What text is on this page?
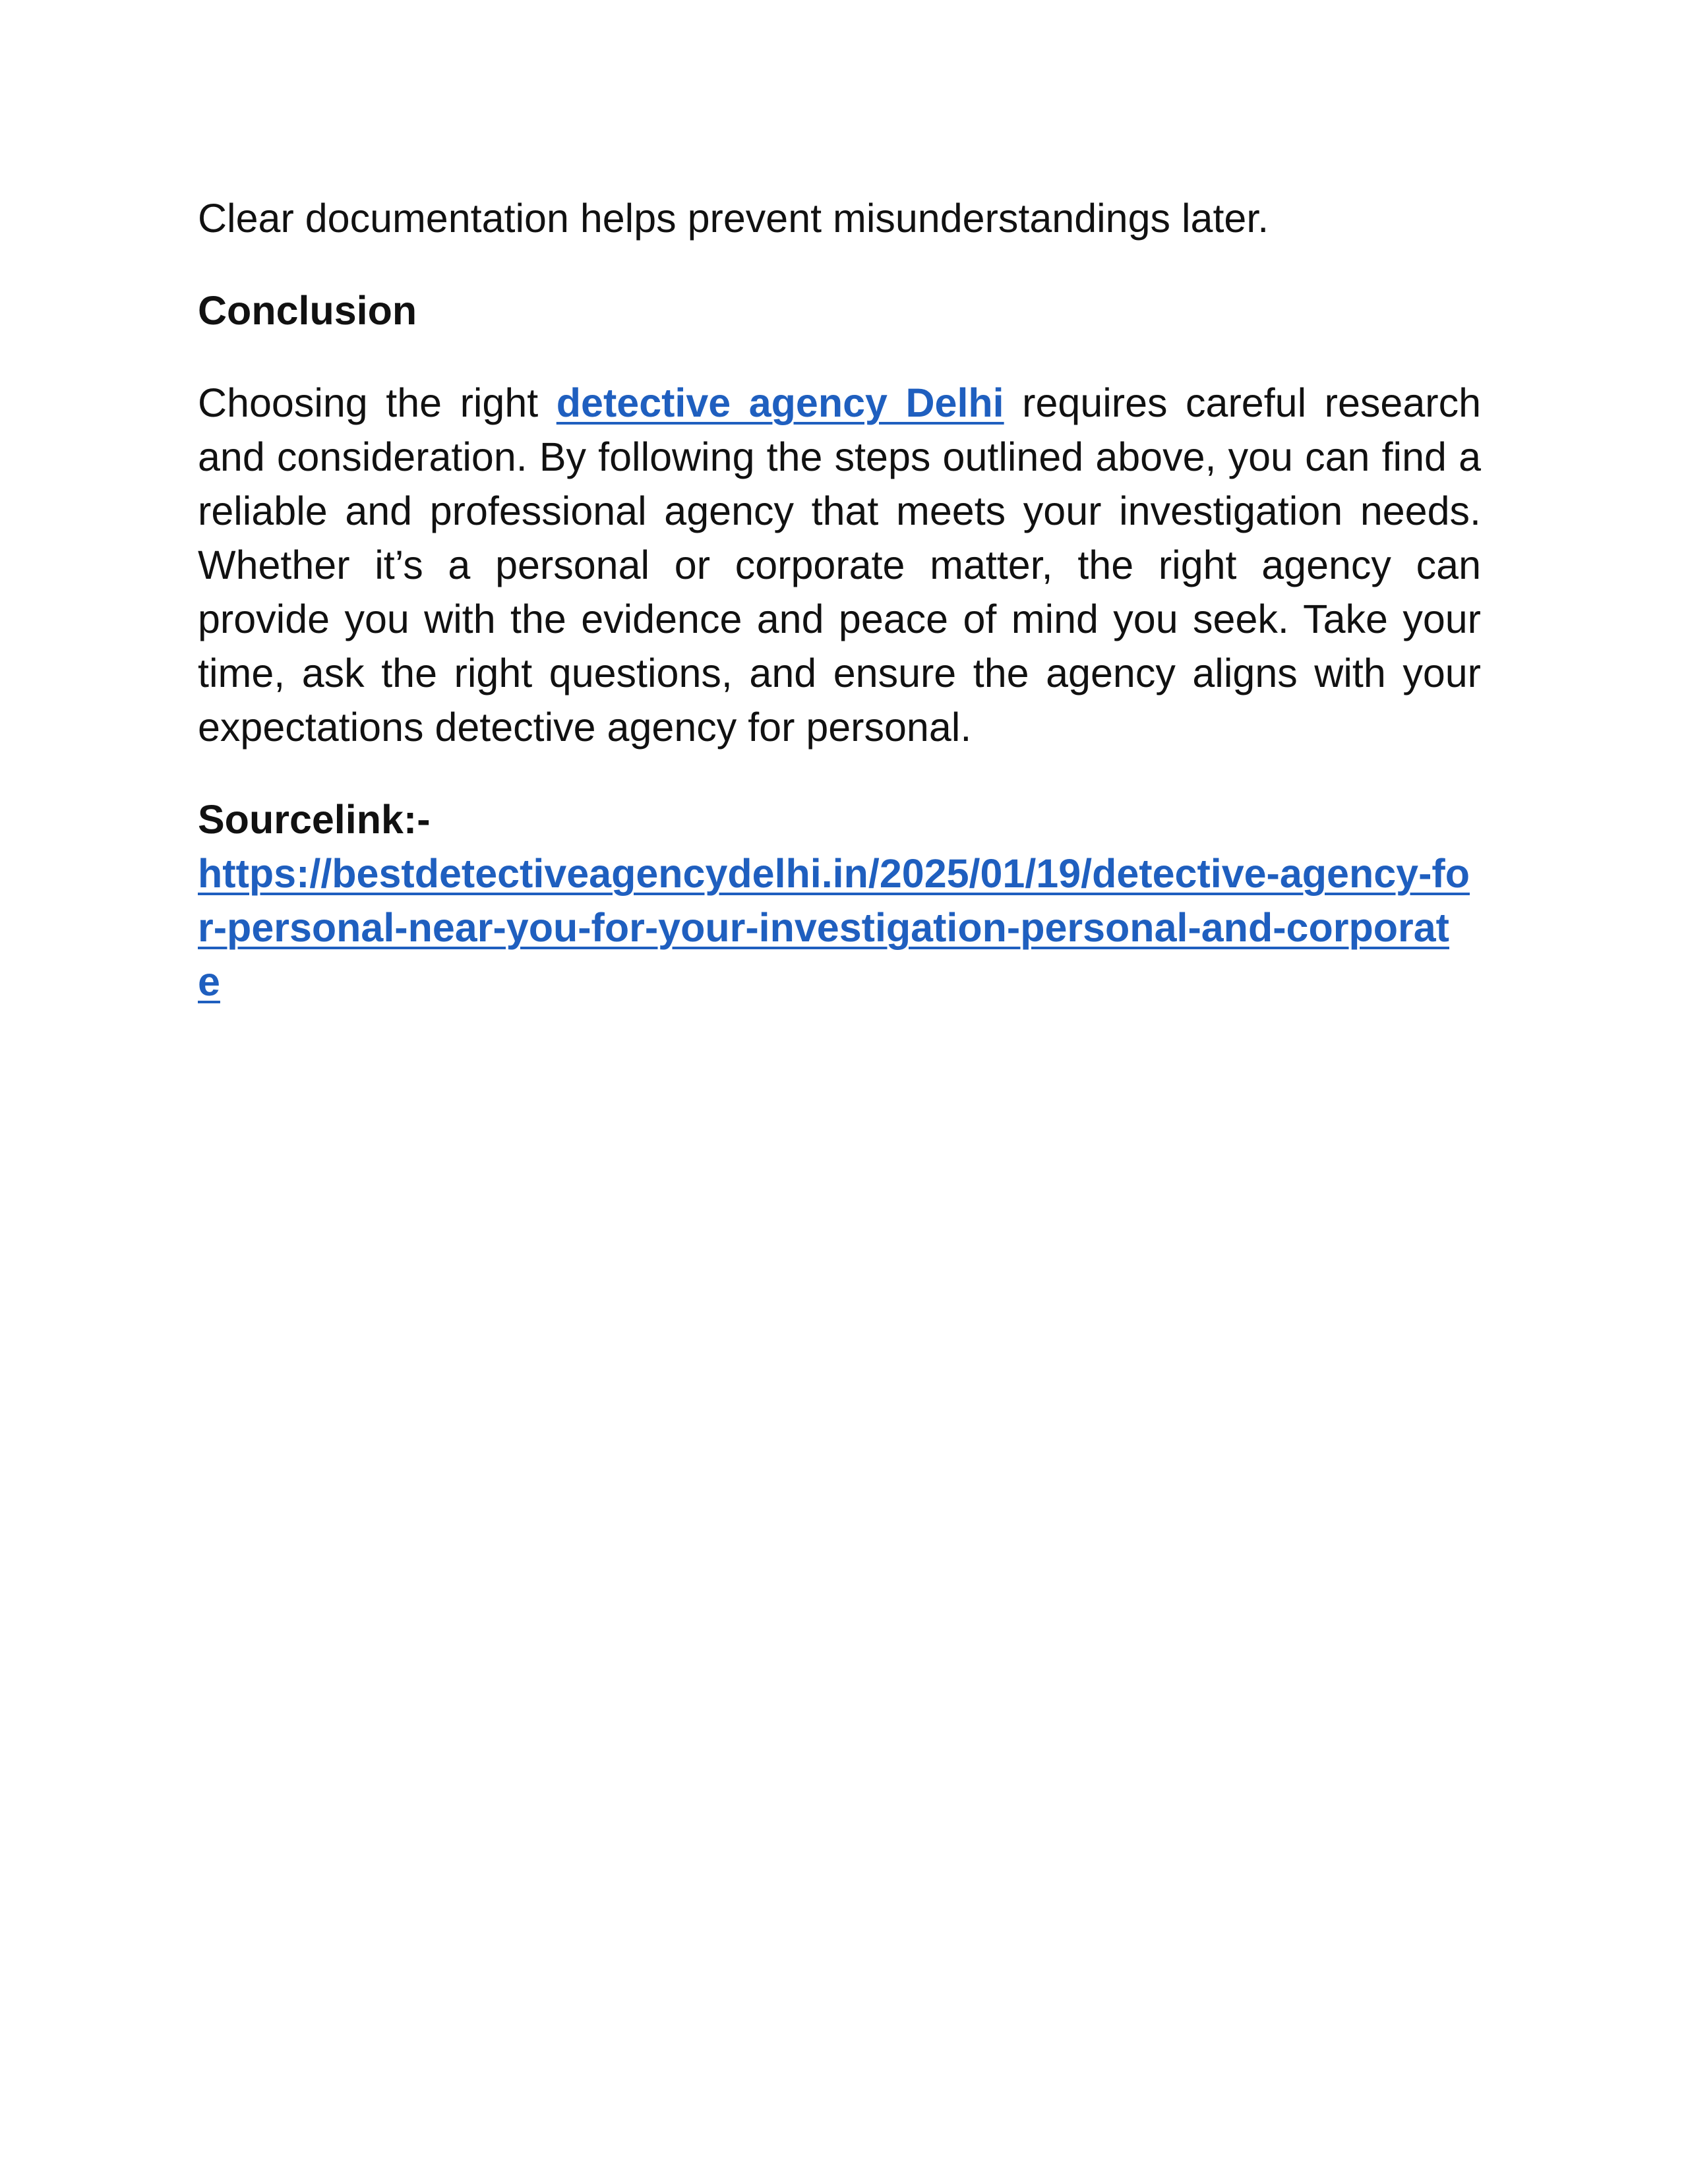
Clear documentation helps prevent misunderstandings later.

Conclusion

Choosing the right detective agency Delhi requires careful research and consideration. By following the steps outlined above, you can find a reliable and professional agency that meets your investigation needs. Whether it’s a personal or corporate matter, the right agency can provide you with the evidence and peace of mind you seek. Take your time, ask the right questions, and ensure the agency aligns with your expectations detective agency for personal.

Sourcelink:-

https://bestdetectiveagencydelhi.in/2025/01/19/detective-agency-for-personal-near-you-for-your-investigation-personal-and-corporate
